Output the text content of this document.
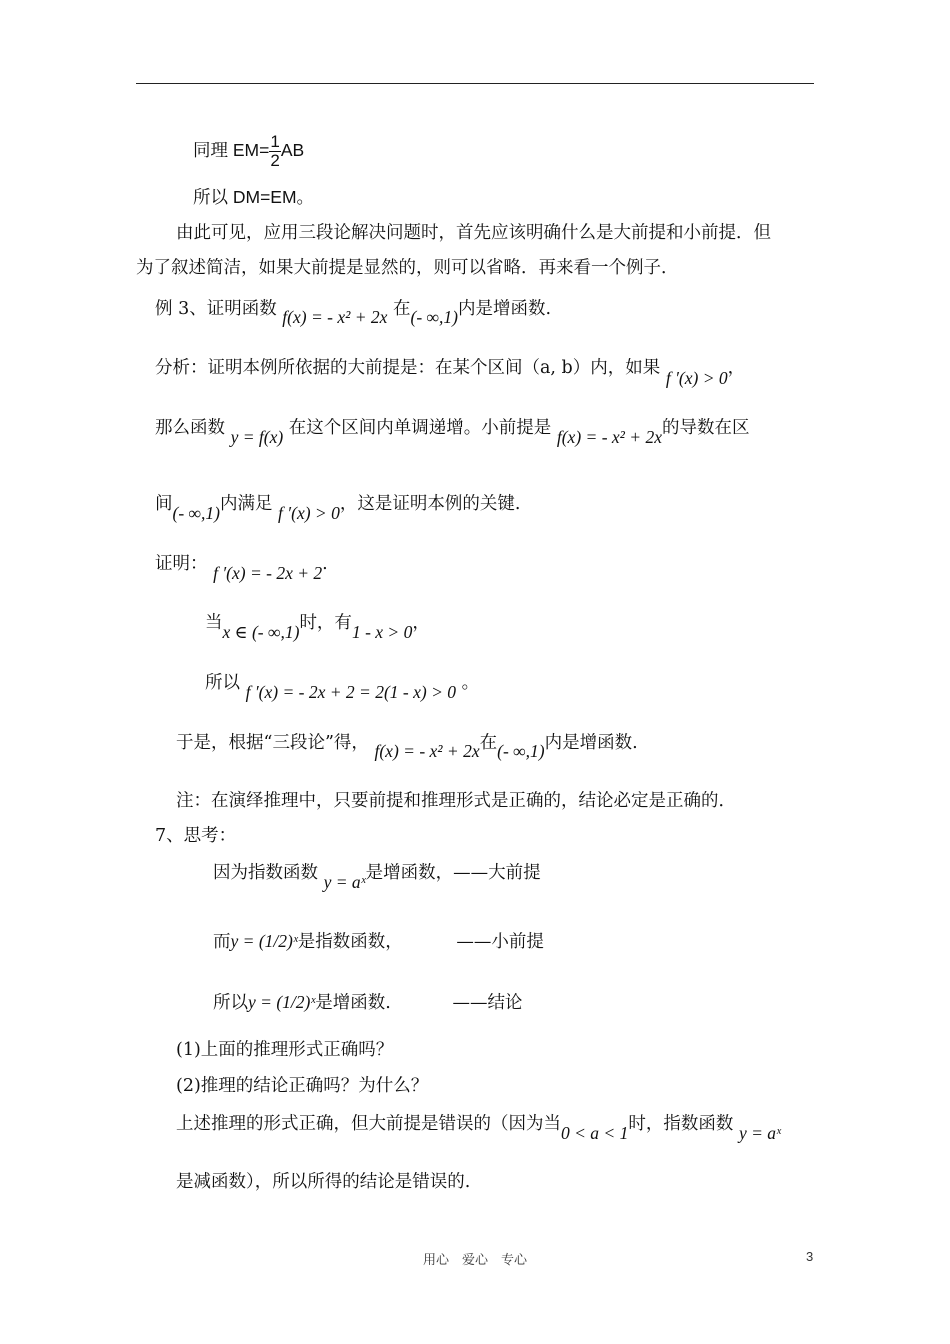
同理 $EM= \frac{1}{2}$ AB
所以 DM=EM。
由此可见，应用三段论解决问题时，首先应该明确什么是大前提和小前提．但
为了叙述简洁，如果大前提是显然的，则可以省略．再来看一个例子．
例 3、证明函数 f(x) = - x² + 2x 在(- ∞,1)内是增函数.
分析：证明本例所依据的大前提是：在某个区间（a, b）内，如果 f ′(x) > 0，
那么函数 y = f(x) 在这个区间内单调递增。小前提是 f(x) = - x² + 2x的导数在区
间(- ∞,1)内满足 f ′(x) > 0，这是证明本例的关键.
证明： f ′(x) = - 2x + 2.
当x ∈ (- ∞,1)时，有1 - x > 0，
所以 f ′(x) = - 2x + 2 = 2(1 - x) > 0 。
于是，根据“三段论”得， f(x) = - x² + 2x在(- ∞,1)内是增函数.
注：在演绎推理中，只要前提和推理形式是正确的，结论必定是正确的．
7、思考：
因为指数函数 y = aˣ是增函数，——大前提
而y = (1/2)ˣ是指数函数，	——小前提
所以y = (1/2)ˣ是增函数.	——结论
(1)上面的推理形式正确吗？
(2)推理的结论正确吗？为什么？
上述推理的形式正确，但大前提是错误的（因为当0 < a < 1时，指数函数 y = aˣ
是减函数），所以所得的结论是错误的.
用心　爱心　专心	3
